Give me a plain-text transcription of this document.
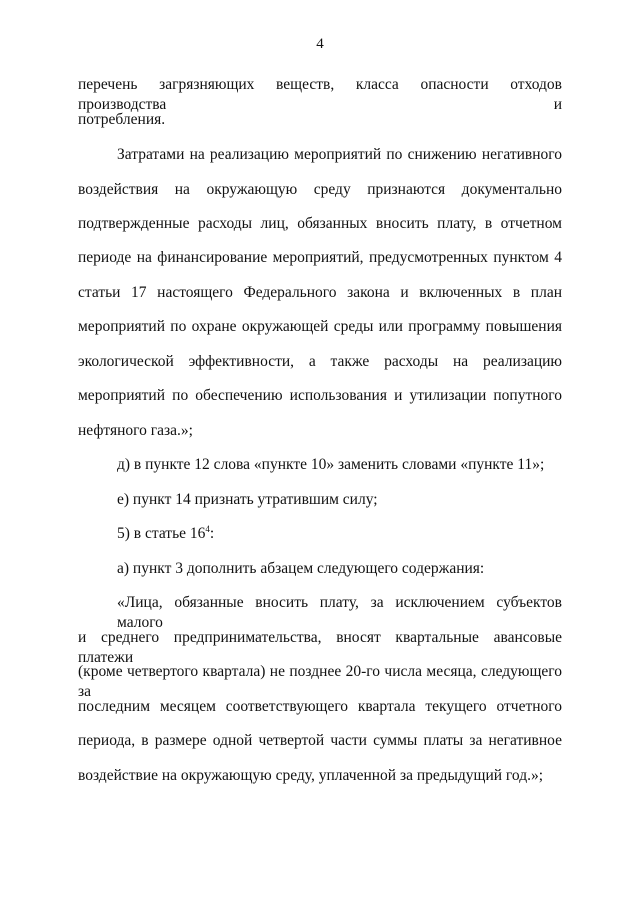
4
перечень загрязняющих веществ, класса опасности отходов производства и
потребления.
Затратами на реализацию мероприятий по снижению негативного
воздействия на окружающую среду признаются документально
подтвержденные расходы лиц, обязанных вносить плату, в отчетном
периоде на финансирование мероприятий, предусмотренных пунктом 4
статьи 17 настоящего Федерального закона и включенных в план
мероприятий по охране окружающей среды или программу повышения
экологической эффективности, а также расходы на реализацию
мероприятий по обеспечению использования и утилизации попутного
нефтяного газа.»;
д) в пункте 12 слова «пункте 10» заменить словами «пункте 11»;
е) пункт 14 признать утратившим силу;
5) в статье $16^4$:
а) пункт 3 дополнить абзацем следующего содержания:
«Лица, обязанные вносить плату, за исключением субъектов малого
и среднего предпринимательства, вносят квартальные авансовые платежи
(кроме четвертого квартала) не позднее 20-го числа месяца, следующего за
последним месяцем соответствующего квартала текущего отчетного
периода, в размере одной четвертой части суммы платы за негативное
воздействие на окружающую среду, уплаченной за предыдущий год.»;
